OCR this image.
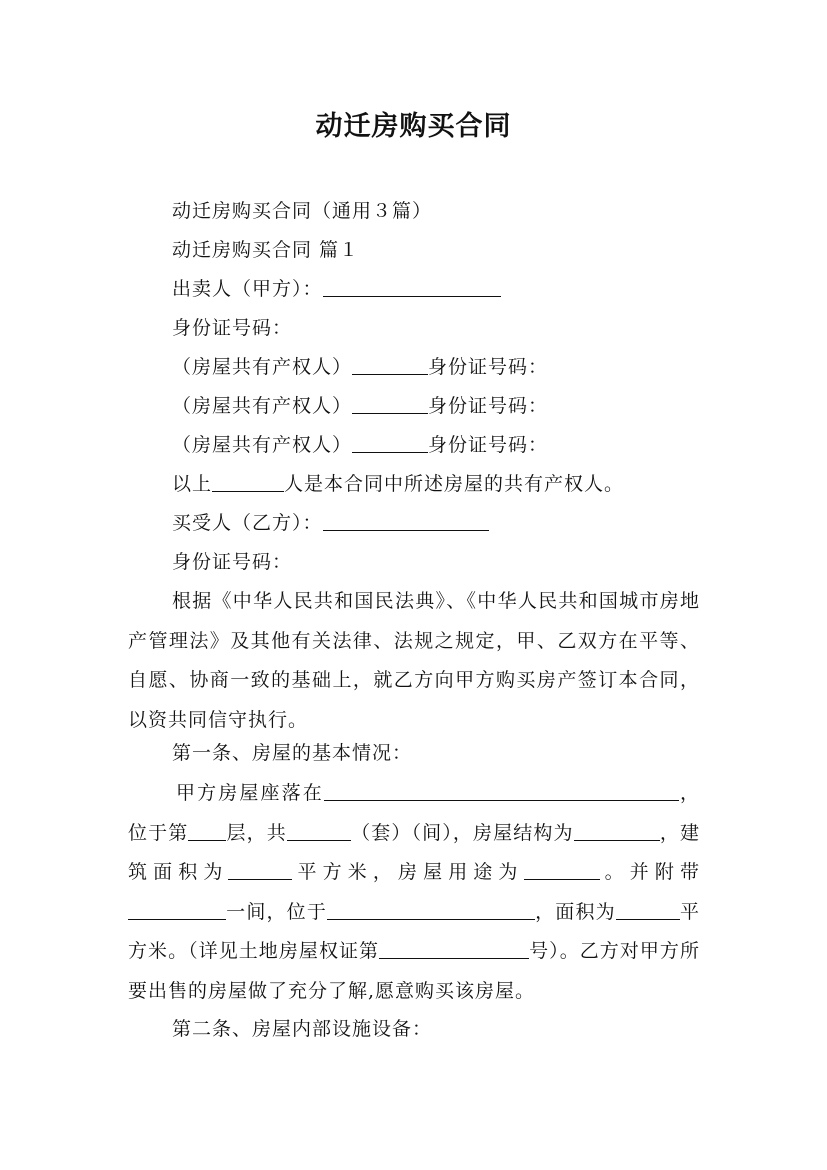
动迁房购买合同
动迁房购买合同（通用３篇）
动迁房购买合同 篇１
出卖人（甲方）：
身份证号码：
（房屋共有产权人）	身份证号码：
（房屋共有产权人）	身份证号码：
（房屋共有产权人）	身份证号码：
以上	人是本合同中所述房屋的共有产权人。
买受人（乙方）：
身份证号码：
根据《中华人民共和国民法典》、《中华人民共和国城市房地产管理法》及其他有关法律、法规之规定，甲、乙双方在平等、自愿、协商一致的基础上，就乙方向甲方购买房产签订本合同，以资共同信守执行。
第一条、房屋的基本情况：
甲方房屋座落在	，位于第 层，共	（套）（间），房屋结构为	，建筑面积为	平方米，房屋用途为	。并附带一间，位于	，面积为	平方米。（详见土地房屋权证第	号）。乙方对甲方所要出售的房屋做了充分了解,愿意购买该房屋。
第二条、房屋内部设施设备：
